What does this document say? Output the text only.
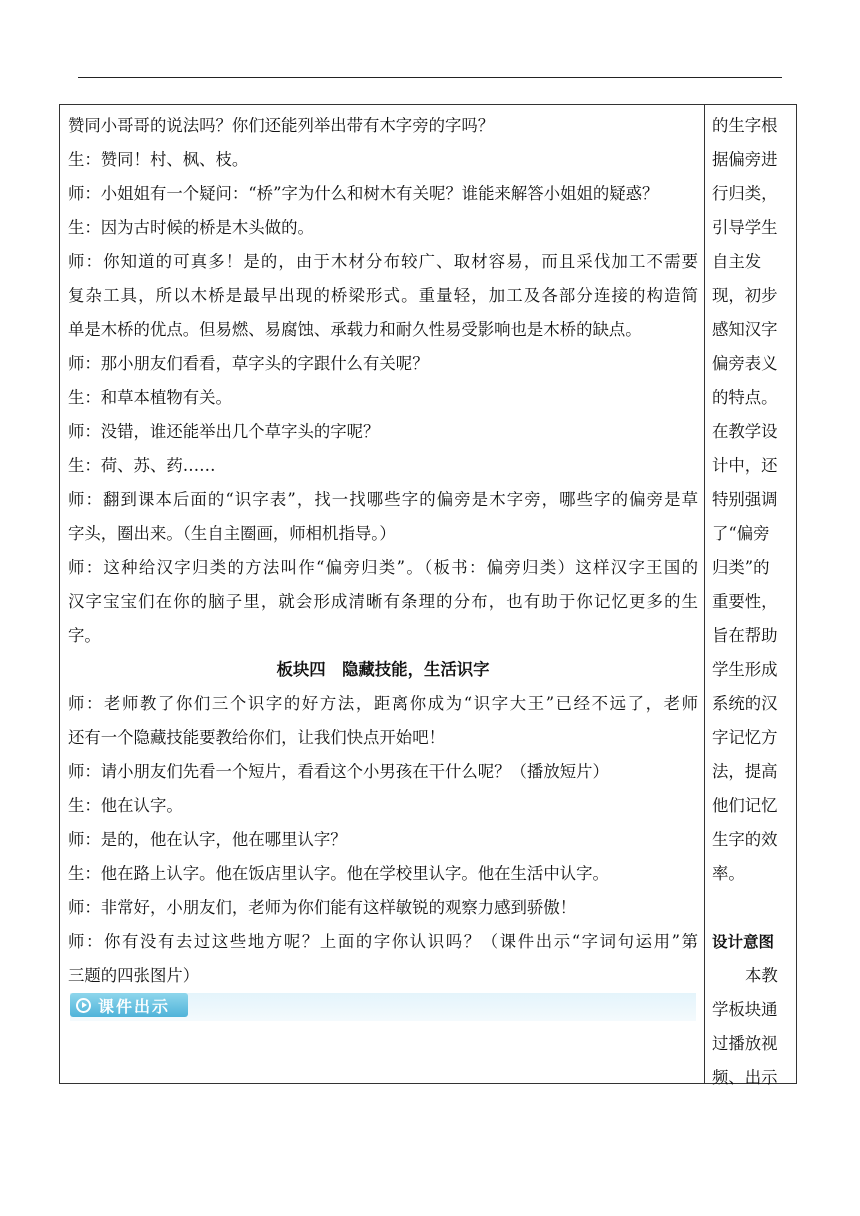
赞同小哥哥的说法吗？你们还能列举出带有木字旁的字吗？
生：赞同！村、枫、枝。
师：小姐姐有一个疑问：“桥”字为什么和树木有关呢？谁能来解答小姐姐的疑惑？
生：因为古时候的桥是木头做的。
师：你知道的可真多！是的，由于木材分布较广、取材容易，而且采伐加工不需要
复杂工具，所以木桥是最早出现的桥梁形式。重量轻，加工及各部分连接的构造简
单是木桥的优点。但易燃、易腐蚀、承载力和耐久性易受影响也是木桥的缺点。
师：那小朋友们看看，草字头的字跟什么有关呢？
生：和草本植物有关。
师：没错，谁还能举出几个草字头的字呢？
生：荷、苏、药……
师：翻到课本后面的“识字表”，找一找哪些字的偏旁是木字旁，哪些字的偏旁是草
字头，圈出来。（生自主圈画，师相机指导。）
师：这种给汉字归类的方法叫作“偏旁归类”。（板书：偏旁归类）这样汉字王国的
汉字宝宝们在你的脑子里，就会形成清晰有条理的分布，也有助于你记忆更多的生
字。
板块四　隐藏技能，生活识字
师：老师教了你们三个识字的好方法，距离你成为“识字大王”已经不远了，老师
还有一个隐藏技能要教给你们，让我们快点开始吧！
师：请小朋友们先看一个短片，看看这个小男孩在干什么呢？（播放短片）
生：他在认字。
师：是的，他在认字，他在哪里认字？
生：他在路上认字。他在饭店里认字。他在学校里认字。他在生活中认字。
师：非常好，小朋友们，老师为你们能有这样敏锐的观察力感到骄傲！
师：你有没有去过这些地方呢？上面的字你认识吗？（课件出示“字词句运用”第
三题的四张图片）
课件出示
的生字根
据偏旁进
行归类，
引导学生
自主发
现，初步
感知汉字
偏旁表义
的特点。
在教学设
计中，还
特别强调
了“偏旁
归类”的
重要性，
旨在帮助
学生形成
系统的汉
字记忆方
法，提高
他们记忆
生字的效
率。
设计意图
本教
学板块通
过播放视
频、出示
